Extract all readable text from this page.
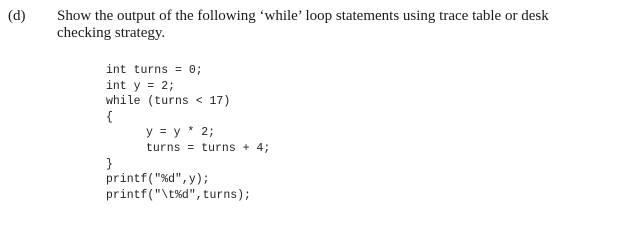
(d) Show the output of the following ‘while’ loop statements using trace table or desk
checking strategy.
int turns = 0;
int y = 2;
while (turns < 17)
{
y = y * 2;
turns = turns + 4;
}
printf("%d",y);
printf("\t%d",turns);
